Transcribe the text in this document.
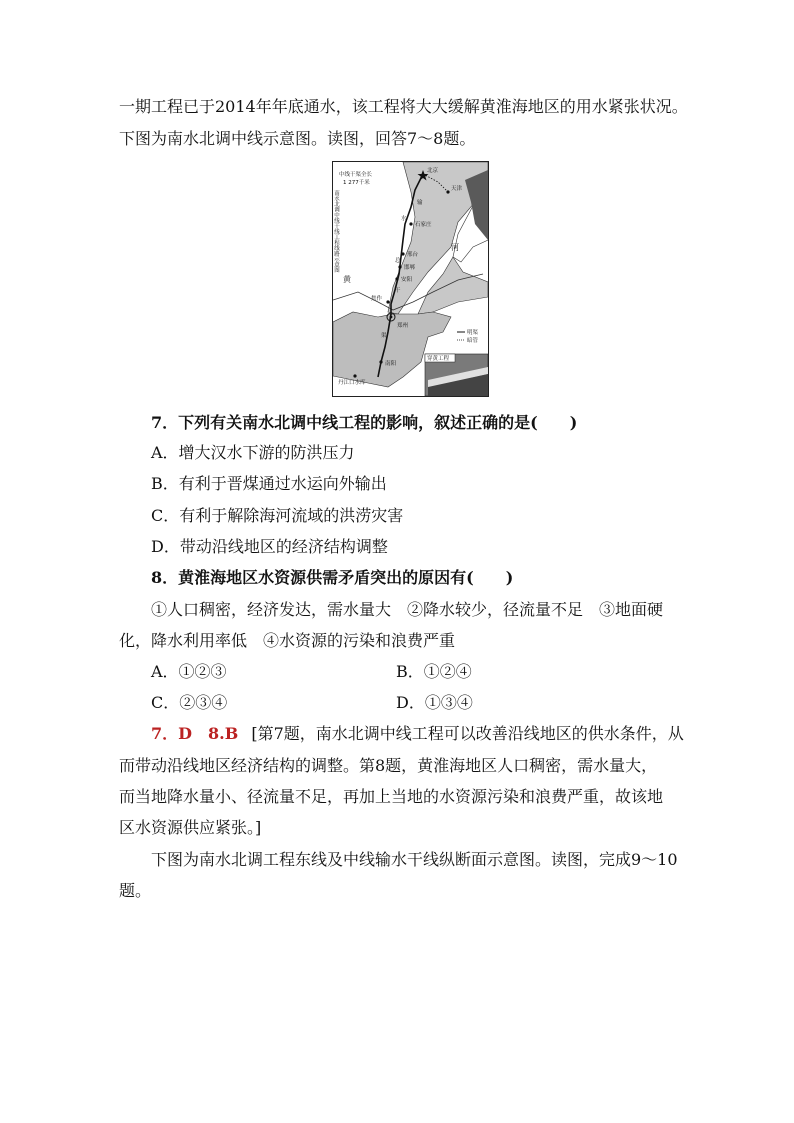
一期工程已于2014年年底通水，该工程将大大缓解黄淮海地区的用水紧张状况。
下图为南水北调中线示意图。读图，回答7～8题。
中线干渠全长
1 277千米
南水北调中线干线工程线路示意图
北京
天津
石家庄
邢台
邯郸
安阳
焦作
郑州
南阳
丹江口水库
输
水
总
干
渠
黄
河
明渠
暗管
穿黄工程
7．下列有关南水北调中线工程的影响，叙述正确的是(　　)
A．增大汉水下游的防洪压力
B．有利于晋煤通过水运向外输出
C．有利于解除海河流域的洪涝灾害
D．带动沿线地区的经济结构调整
8．黄淮海地区水资源供需矛盾突出的原因有(　　)
①人口稠密，经济发达，需水量大　②降水较少，径流量不足　③地面硬
化，降水利用率低　④水资源的污染和浪费严重
A．①②③	B．①②④
C．②③④	D．①③④
7．D　8.B [第7题，南水北调中线工程可以改善沿线地区的供水条件，从
而带动沿线地区经济结构的调整。第8题，黄淮海地区人口稠密，需水量大，
而当地降水量小、径流量不足，再加上当地的水资源污染和浪费严重，故该地
区水资源供应紧张。]
下图为南水北调工程东线及中线输水干线纵断面示意图。读图，完成9～10
题。
